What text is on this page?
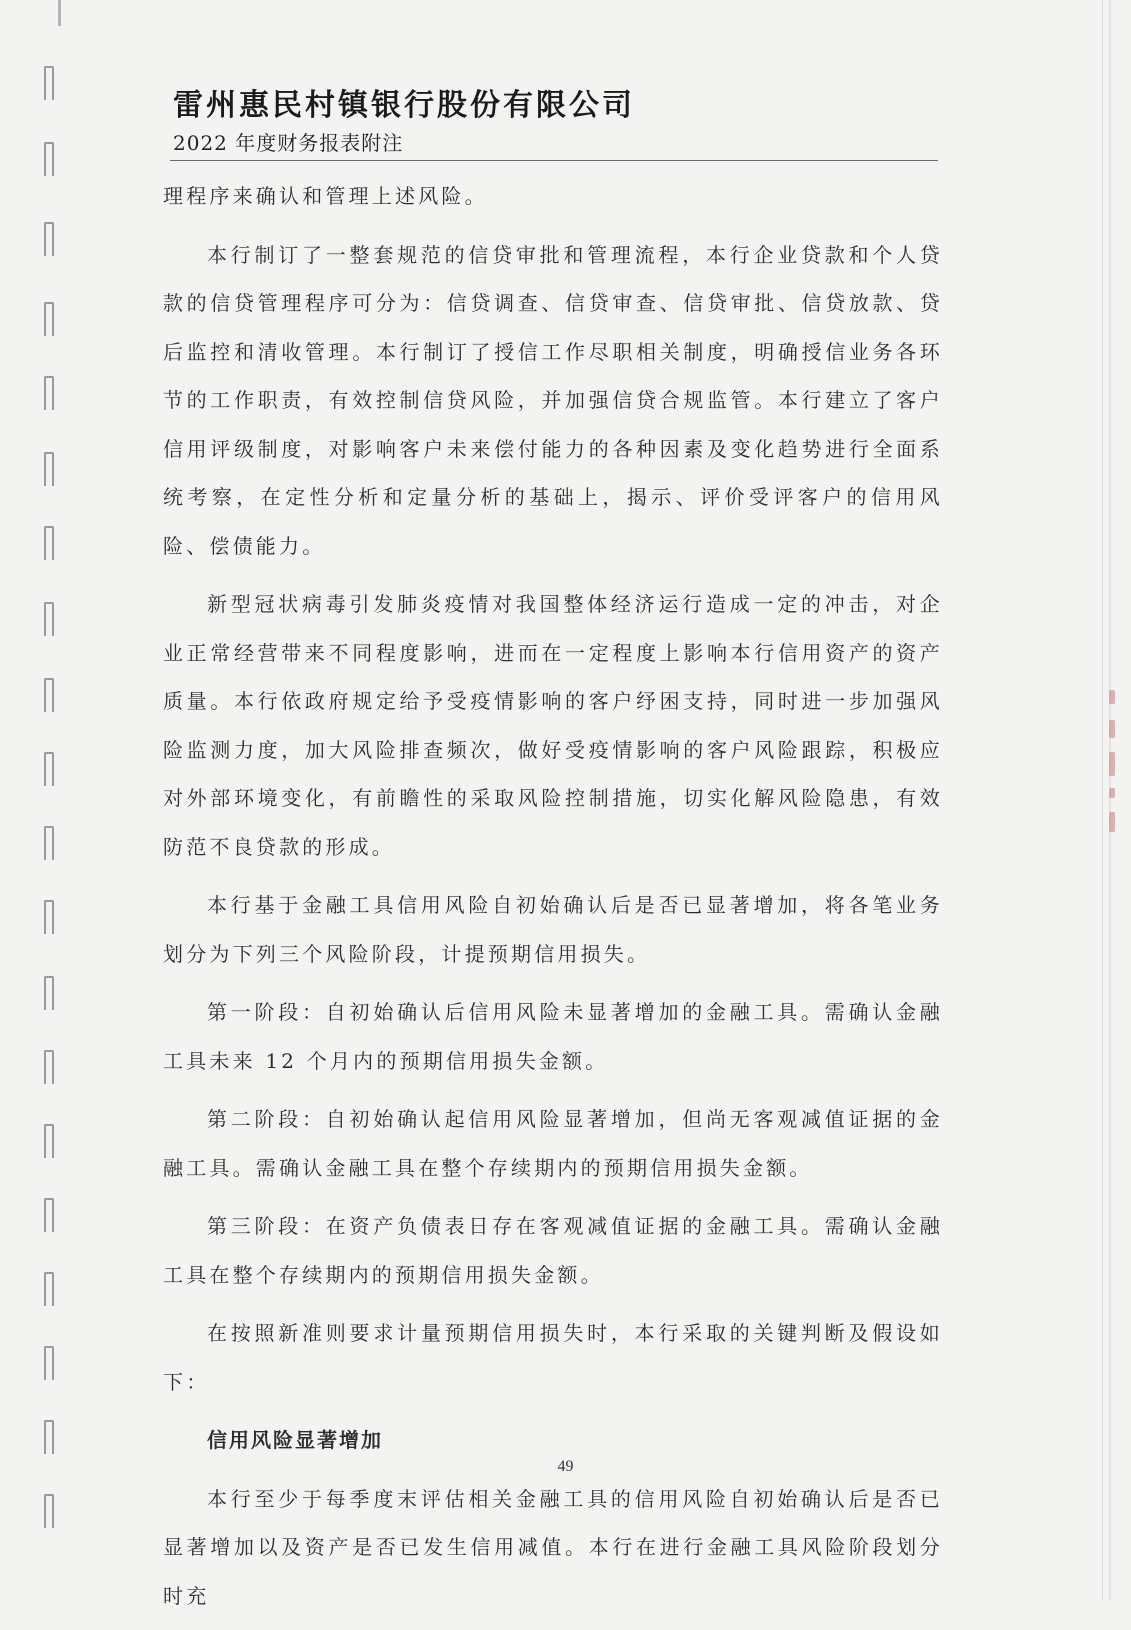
雷州惠民村镇银行股份有限公司
2022 年度财务报表附注

理程序来确认和管理上述风险。

本行制订了一整套规范的信贷审批和管理流程，本行企业贷款和个人贷款的信贷管理程序可分为：信贷调查、信贷审查、信贷审批、信贷放款、贷后监控和清收管理。本行制订了授信工作尽职相关制度，明确授信业务各环节的工作职责，有效控制信贷风险，并加强信贷合规监管。本行建立了客户信用评级制度，对影响客户未来偿付能力的各种因素及变化趋势进行全面系统考察，在定性分析和定量分析的基础上，揭示、评价受评客户的信用风险、偿债能力。

新型冠状病毒引发肺炎疫情对我国整体经济运行造成一定的冲击，对企业正常经营带来不同程度影响，进而在一定程度上影响本行信用资产的资产质量。本行依政府规定给予受疫情影响的客户纾困支持，同时进一步加强风险监测力度，加大风险排查频次，做好受疫情影响的客户风险跟踪，积极应对外部环境变化，有前瞻性的采取风险控制措施，切实化解风险隐患，有效防范不良贷款的形成。

本行基于金融工具信用风险自初始确认后是否已显著增加，将各笔业务划分为下列三个风险阶段，计提预期信用损失。

第一阶段：自初始确认后信用风险未显著增加的金融工具。需确认金融工具未来 12 个月内的预期信用损失金额。

第二阶段：自初始确认起信用风险显著增加，但尚无客观减值证据的金融工具。需确认金融工具在整个存续期内的预期信用损失金额。

第三阶段：在资产负债表日存在客观减值证据的金融工具。需确认金融工具在整个存续期内的预期信用损失金额。

在按照新准则要求计量预期信用损失时，本行采取的关键判断及假设如下：

信用风险显著增加

本行至少于每季度末评估相关金融工具的信用风险自初始确认后是否已显著增加以及资产是否已发生信用减值。本行在进行金融工具风险阶段划分时充

49
